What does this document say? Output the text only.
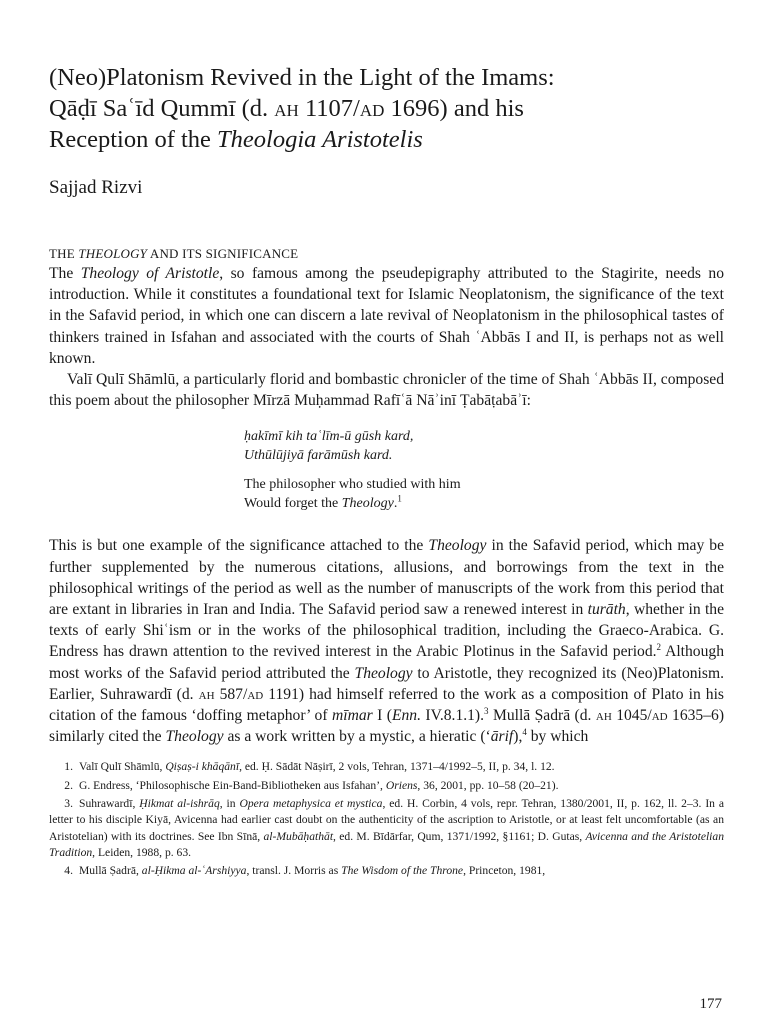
(Neo)Platonism Revived in the Light of the Imams:
Qāḍī Saʿīd Qummī (d. ah 1107/ad 1696) and his
Reception of the Theologia Aristotelis
Sajjad Rizvi
THE THEOLOGY AND ITS SIGNIFICANCE

The Theology of Aristotle, so famous among the pseudepigraphy attributed to the Stagirite, needs no introduction. While it constitutes a foundational text for Islamic Neoplatonism, the significance of the text in the Safavid period, in which one can discern a late revival of Neoplatonism in the philosophical tastes of thinkers trained in Isfahan and associated with the courts of Shah ʿAbbās I and II, is perhaps not as well known.

Valī Qulī Shāmlū, a particularly florid and bombastic chronicler of the time of Shah ʿAbbās II, composed this poem about the philosopher Mīrzā Muḥammad Rafīʿā Nāʾinī Ṭabāṭabāʾī:

ḥakīmī kih taʿlīm-ū gūsh kard,
Uthūlūjiyā farāmūsh kard.
The philosopher who studied with him
Would forget the Theology.$^1$

This is but one example of the significance attached to the Theology in the Safavid period, which may be further supplemented by the numerous citations, allusions, and borrowings from the text in the philosophical writings of the period as well as the number of manuscripts of the work from this period that are extant in libraries in Iran and India. The Safavid period saw a renewed interest in turāth, whether in the texts of early Shiʿism or in the works of the philosophical tradition, including the Graeco-Arabica. G. Endress has drawn attention to the revived interest in the Arabic Plotinus in the Safavid period.$^2$ Although most works of the Safavid period attributed the Theology to Aristotle, they recognized its (Neo)Platonism. Earlier, Suhrawardī (d. ah 587/ad 1191) had himself referred to the work as a composition of Plato in his citation of the famous ‘doffing metaphor’ of mīmar I (Enn. IV.8.1.1).$^3$ Mullā Ṣadrā (d. ah 1045/ad 1635–6) similarly cited the Theology as a work written by a mystic, a hieratic (‘ārif),$^4$ by which

1. Valī Qulī Shāmlū, Qiṣaṣ-i khāqānī, ed. Ḥ. Sādāt Nāṣirī, 2 vols, Tehran, 1371–4/1992–5, II, p. 34, l. 12.

2. G. Endress, ‘Philosophische Ein-Band-Bibliotheken aus Isfahan’, Oriens, 36, 2001, pp. 10–58 (20–21).

3. Suhrawardī, Ḥikmat al-ishrāq, in Opera metaphysica et mystica, ed. H. Corbin, 4 vols, repr. Tehran, 1380/2001, II, p. 162, ll. 2–3. In a letter to his disciple Kiyā, Avicenna had earlier cast doubt on the authenticity of the ascription to Aristotle, or at least felt uncomfortable (as an Aristotelian) with its doctrines. See Ibn Sīnā, al-Mubāḥathāt, ed. M. Bīdārfar, Qum, 1371/1992, §1161; D. Gutas, Avicenna and the Aristotelian Tradition, Leiden, 1988, p. 63.

4. Mullā Ṣadrā, al-Ḥikma al-ʿArshiyya, transl. J. Morris as The Wisdom of the Throne, Princeton, 1981,

177
